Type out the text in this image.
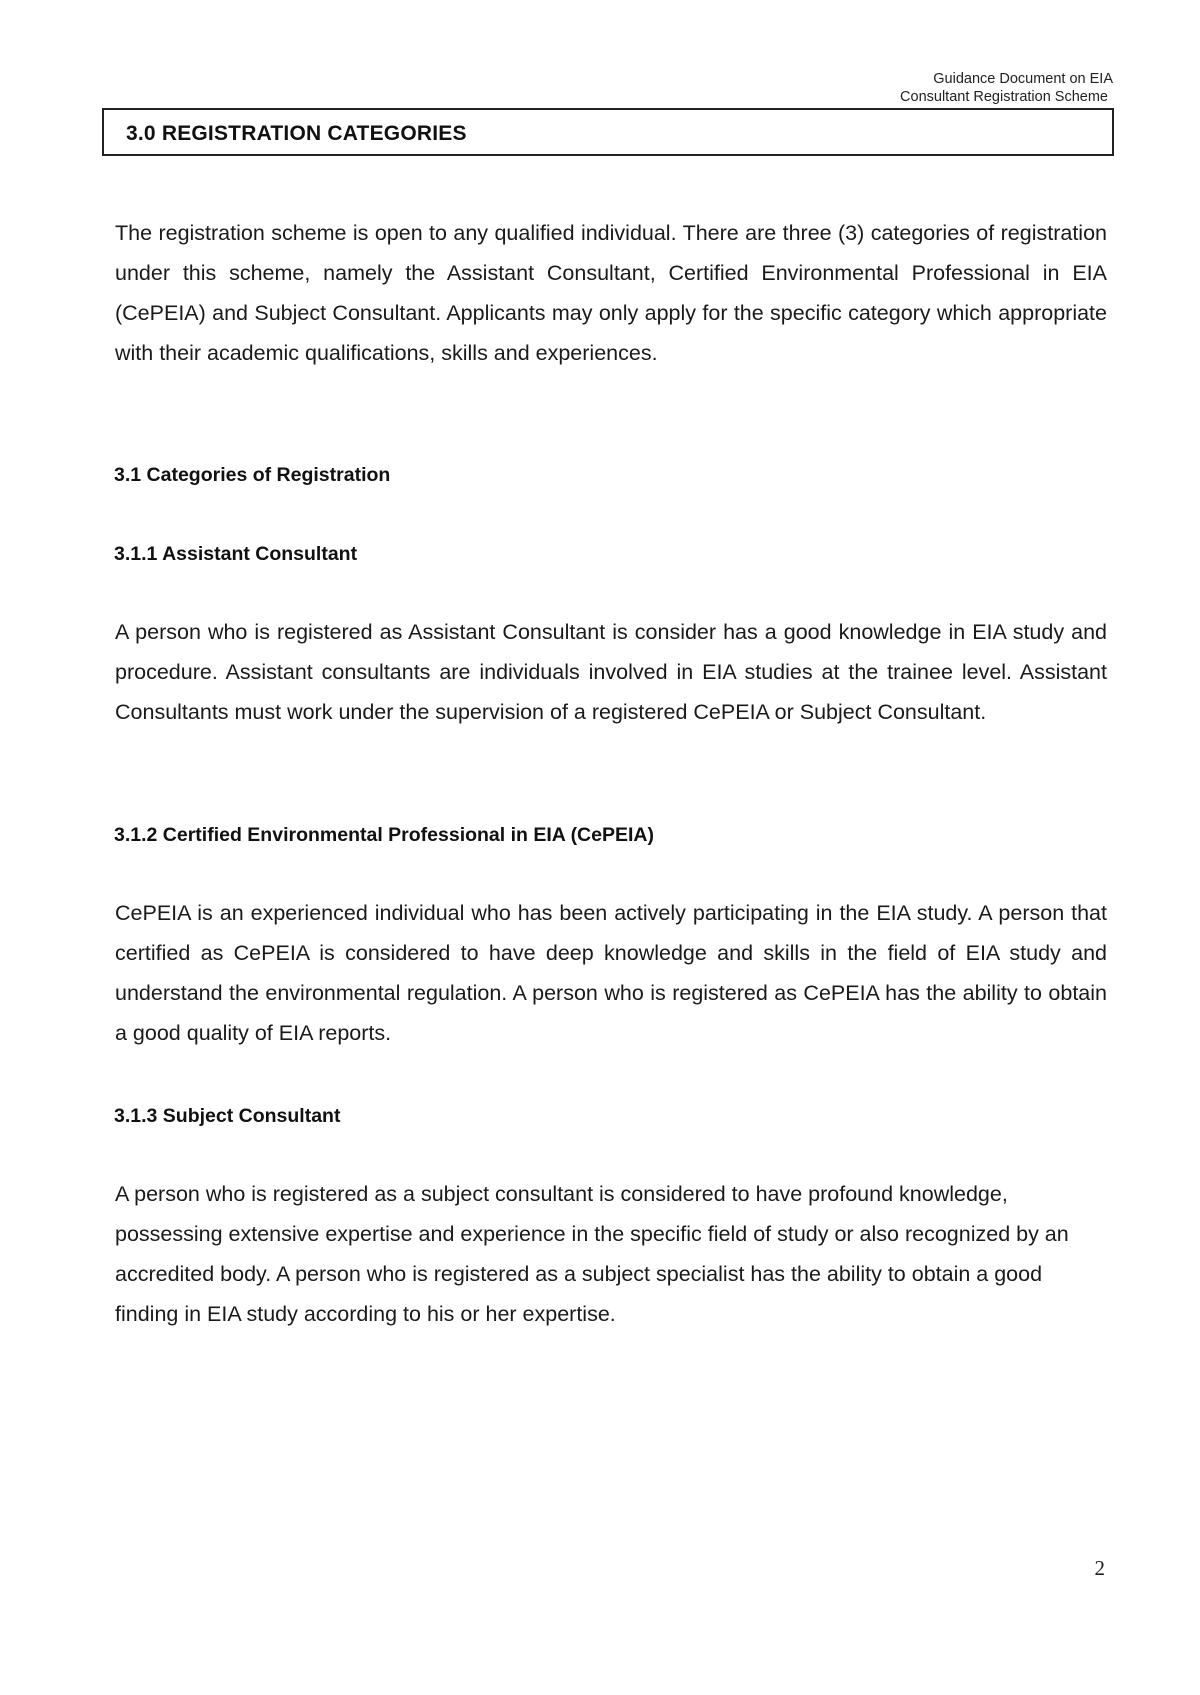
Guidance Document on EIA
Consultant Registration Scheme
3.0 REGISTRATION CATEGORIES
The registration scheme is open to any qualified individual. There are three (3) categories of registration under this scheme, namely the Assistant Consultant, Certified Environmental Professional in EIA (CePEIA) and Subject Consultant. Applicants may only apply for the specific category which appropriate with their academic qualifications, skills and experiences.
3.1 Categories of Registration
3.1.1 Assistant Consultant
A person who is registered as Assistant Consultant is consider has a good knowledge in EIA study and procedure. Assistant consultants are individuals involved in EIA studies at the trainee level. Assistant Consultants must work under the supervision of a registered CePEIA or Subject Consultant.
3.1.2 Certified Environmental Professional in EIA (CePEIA)
CePEIA is an experienced individual who has been actively participating in the EIA study. A person that certified as CePEIA is considered to have deep knowledge and skills in the field of EIA study and understand the environmental regulation. A person who is registered as CePEIA has the ability to obtain a good quality of EIA reports.
3.1.3 Subject Consultant
A person who is registered as a subject consultant is considered to have profound knowledge, possessing extensive expertise and experience in the specific field of study or also recognized by an accredited body. A person who is registered as a subject specialist has the ability to obtain a good finding in EIA study according to his or her expertise.
2
